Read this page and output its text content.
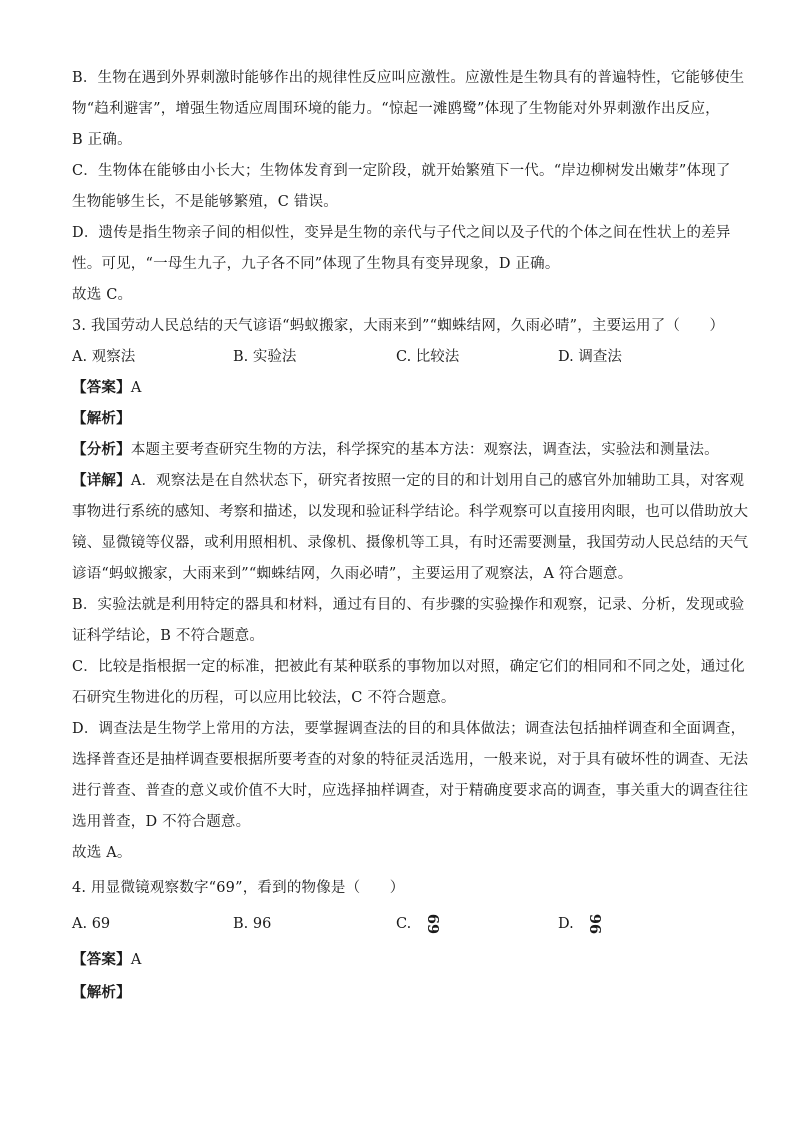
B．生物在遇到外界刺激时能够作出的规律性反应叫应激性。应激性是生物具有的普遍特性，它能够使生
物“趋利避害”，增强生物适应周围环境的能力。“惊起一滩鸥鹭”体现了生物能对外界刺激作出反应，
B 正确。
C．生物体在能够由小长大；生物体发育到一定阶段，就开始繁殖下一代。“岸边柳树发出嫩芽”体现了
生物能够生长，不是能够繁殖，C 错误。
D．遗传是指生物亲子间的相似性，变异是生物的亲代与子代之间以及子代的个体之间在性状上的差异
性。可见，“一母生九子，九子各不同”体现了生物具有变异现象，D 正确。
故选 C。
3. 我国劳动人民总结的天气谚语“蚂蚁搬家，大雨来到”“蜘蛛结网，久雨必晴”，主要运用了（　　）
A. 观察法	B. 实验法	C. 比较法	D. 调查法
【答案】A
【解析】
【分析】本题主要考查研究生物的方法，科学探究的基本方法：观察法，调查法，实验法和测量法。
【详解】A．观察法是在自然状态下，研究者按照一定的目的和计划用自己的感官外加辅助工具，对客观
事物进行系统的感知、考察和描述，以发现和验证科学结论。科学观察可以直接用肉眼，也可以借助放大
镜、显微镜等仪器，或利用照相机、录像机、摄像机等工具，有时还需要测量，我国劳动人民总结的天气
谚语“蚂蚁搬家，大雨来到”“蜘蛛结网，久雨必晴”，主要运用了观察法，A 符合题意。
B．实验法就是利用特定的器具和材料，通过有目的、有步骤的实验操作和观察，记录、分析，发现或验
证科学结论，B 不符合题意。
C．比较是指根据一定的标准，把被此有某种联系的事物加以对照，确定它们的相同和不同之处，通过化
石研究生物进化的历程，可以应用比较法，C 不符合题意。
D．调查法是生物学上常用的方法，要掌握调查法的目的和具体做法；调查法包括抽样调查和全面调查，
选择普查还是抽样调查要根据所要考查的对象的特征灵活选用，一般来说，对于具有破坏性的调查、无法
进行普查、普查的意义或价值不大时，应选择抽样调查，对于精确度要求高的调查，事关重大的调查往往
选用普查，D 不符合题意。
故选 A。
4. 用显微镜观察数字“69”，看到的物像是（　　）
A. 69	B. 96	C. 69	D. 96
【答案】A
【解析】
